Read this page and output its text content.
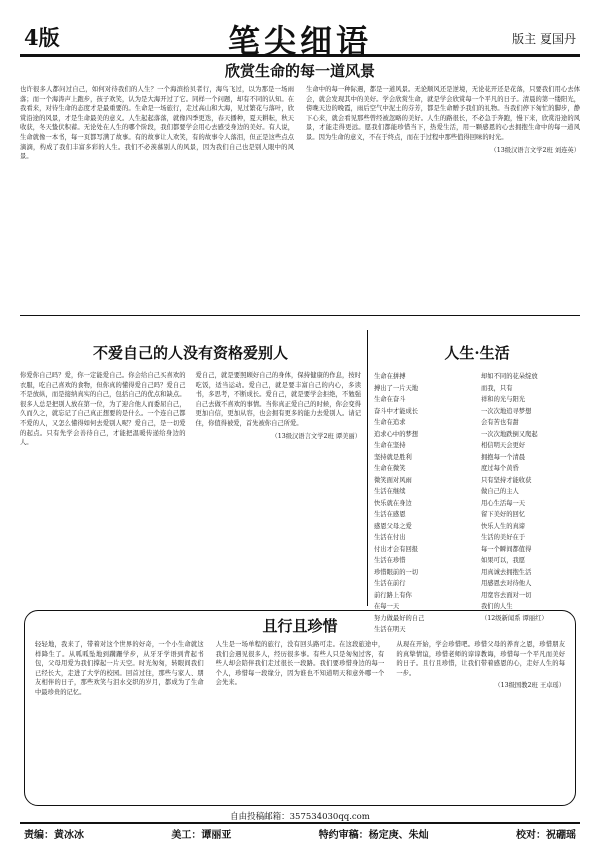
4版	笔尖细语	版主 夏国丹
欣赏生命的每一道风景

也许很多人都问过自己，如何对待我们的人生？一个海滨拾贝者行，海鸟飞过，以为那是一场雨落；而一个海涛声上跑步，孩子欢笑，认为是大海开过了它。同样一个问题，却有不同的认知。在我看来，对待生命的态度才是最重要的。生命是一场旅行，走过高山和大海，见过繁花与落叶，欣赏沿途的风景，才是生命最美的意义。人生起起落落，就像四季更迭，春天播种，夏天耕耘，秋天收获，冬天蛰伏积蓄。无论处在人生的哪个阶段，我们都要学会用心去感受身边的美好。有人说，生命就像一本书，每一页都写满了故事。有的故事让人欢笑，有的故事令人落泪，但正是这些点点滴滴，构成了我们丰富多彩的人生。我们不必羡慕别人的风景，因为我们自己也是别人眼中的风景。

生命中的每一种际遇，都是一道风景。无论顺风还是逆境，无论花开还是花落，只要我们用心去体会，就会发现其中的美好。学会欣赏生命，就是学会欣赏每一个平凡的日子。清晨的第一缕阳光，傍晚天边的晚霞，雨后空气中泥土的芬芳，都是生命赠予我们的礼物。当我们停下匆忙的脚步，静下心来，就会看见那些曾经被忽略的美好。人生的路很长，不必急于奔跑，慢下来，欣赏沿途的风景，才能走得更远。愿我们都能珍惜当下，热爱生活，用一颗感恩的心去拥抱生命中的每一道风景。因为生命的意义，不在于终点，而在于过程中那些值得回味的时光。

（13级汉语言文学2班 刘连英）

不爱自己的人没有资格爱别人

你爱你自己吗？爱，你一定能爱自己。你会给自己买喜欢的衣服，吃自己喜欢的食物，但你真的懂得爱自己吗？爱自己不是放纵，而是接纳真实的自己，包括自己的优点和缺点。很多人总是把别人放在第一位，为了迎合他人而委屈自己，久而久之，就忘记了自己真正想要的是什么。一个连自己都不爱的人，又怎么懂得如何去爱别人呢？爱自己，是一切爱的起点。只有先学会善待自己，才能把温暖传递给身边的人。

爱自己，就是要照顾好自己的身体，保持健康的作息，按时吃饭，适当运动。爱自己，就是要丰富自己的内心，多读书，多思考，不断成长。爱自己，就是要学会拒绝，不勉强自己去做不喜欢的事情。当你真正爱自己的时候，你会变得更加自信，更加从容，也会拥有更多的能力去爱别人。请记住，你值得被爱，首先被你自己所爱。

（13级汉语言文学2班 谭美丽）

人生·生活

生命在拼搏

搏出了一片天地

生命在奋斗

奋斗中才能成长

生命在追求

追求心中的梦想

生命在坚持

坚持就是胜利

生命在微笑

微笑面对风雨

生活在继续

快乐就在身边

生活在感恩

感恩父母之爱

生活在付出

付出才会有回报

生活在珍惜

珍惜眼前的一切

生活在前行

前行路上有你

在每一天

努力做最好的自己

生活在明天

却如不同的花朵绽放

而我，只有

祥和的光与阳光

一次次地追寻梦想

会有苦也有甜

一次次地跌倒又爬起

相信明天会更好

拥抱每一个清晨

度过每个黄昏

只有坚持才能收获

做自己的主人

用心生活每一天

留下美好的回忆

快乐人生的真谛

生活的美好在于

每一个瞬间都值得

如果可以，我愿

用真诚去拥抱生活

用感恩去对待他人

用宽容去面对一切

我们的人生

（12级新闻系 谭丽红）

且行且珍惜

轻轻地，我来了，带着对这个世界的好奇，一个小生命就这样降生了。从呱呱坠地到蹒跚学步，从牙牙学语到背起书包，父母用爱为我们撑起一片天空。时光匆匆，转眼间我们已经长大，走进了大学的校园。回首过往，那些与家人、朋友相伴的日子，那些欢笑与泪水交织的岁月，都成为了生命中最珍贵的记忆。

人生是一场单程的旅行，没有回头路可走。在这段旅途中，我们会遇见很多人，经历很多事。有些人只是匆匆过客，有些人却会陪伴我们走过很长一段路。我们要珍惜身边的每一个人，珍惜每一段缘分，因为谁也不知道明天和意外哪一个会先来。

从现在开始，学会珍惜吧。珍惜父母的养育之恩，珍惜朋友的真挚情谊，珍惜老师的谆谆教诲，珍惜每一个平凡而美好的日子。且行且珍惜，让我们带着感恩的心，走好人生的每一步。

（13级国教2班 王卓瑶）

自由投稿邮箱：357534030qq.com
责编：黄冰冰	美工：谭丽亚	特约审稿：杨定庚、朱灿	校对：祝硼瑶
